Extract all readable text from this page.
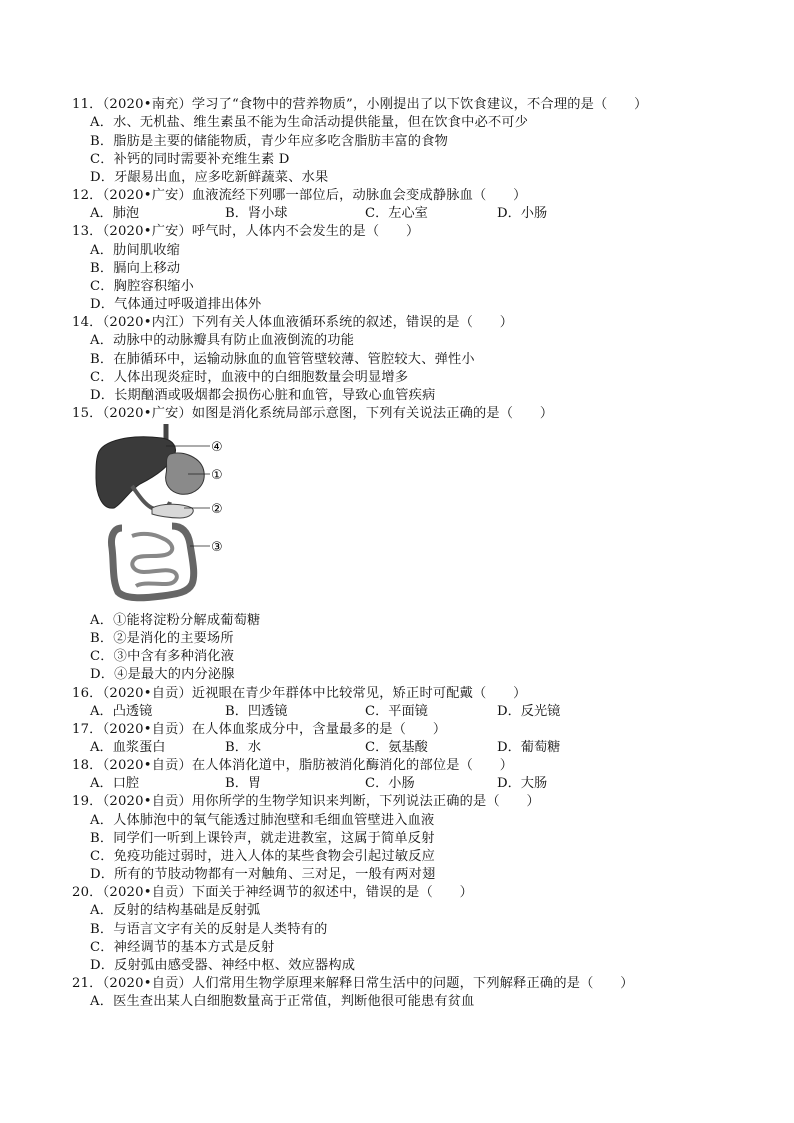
11．（2020•南充）学习了“食物中的营养物质”，小刚提出了以下饮食建议，不合理的是（　　）
A．水、无机盐、维生素虽不能为生命活动提供能量，但在饮食中必不可少
B．脂肪是主要的储能物质，青少年应多吃含脂肪丰富的食物
C．补钙的同时需要补充维生素 D
D．牙龈易出血，应多吃新鲜蔬菜、水果
12．（2020•广安）血液流经下列哪一部位后，动脉血会变成静脉血（　　）
A．肺泡	B．肾小球	C．左心室	D．小肠
13．（2020•广安）呼气时，人体内不会发生的是（　　）
A．肋间肌收缩
B．膈向上移动
C．胸腔容积缩小
D．气体通过呼吸道排出体外
14．（2020•内江）下列有关人体血液循环系统的叙述，错误的是（　　）
A．动脉中的动脉瓣具有防止血液倒流的功能
B．在肺循环中，运输动脉血的血管管壁较薄、管腔较大、弹性小
C．人体出现炎症时，血液中的白细胞数量会明显增多
D．长期酗酒或吸烟都会损伤心脏和血管，导致心血管疾病
15．（2020•广安）如图是消化系统局部示意图，下列有关说法正确的是（　　）
④
①
②
③
A．①能将淀粉分解成葡萄糖
B．②是消化的主要场所
C．③中含有多种消化液
D．④是最大的内分泌腺
16．（2020•自贡）近视眼在青少年群体中比较常见，矫正时可配戴（　　）
A．凸透镜	B．凹透镜	C．平面镜	D．反光镜
17．（2020•自贡）在人体血浆成分中，含量最多的是（　　）
A．血浆蛋白	B．水	C．氨基酸	D．葡萄糖
18．（2020•自贡）在人体消化道中，脂肪被消化酶消化的部位是（　　）
A．口腔	B．胃	C．小肠	D．大肠
19．（2020•自贡）用你所学的生物学知识来判断，下列说法正确的是（　　）
A．人体肺泡中的氧气能透过肺泡壁和毛细血管壁进入血液
B．同学们一听到上课铃声，就走进教室，这属于简单反射
C．免疫功能过弱时，进入人体的某些食物会引起过敏反应
D．所有的节肢动物都有一对触角、三对足，一般有两对翅
20．（2020•自贡）下面关于神经调节的叙述中，错误的是（　　）
A．反射的结构基础是反射弧
B．与语言文字有关的反射是人类特有的
C．神经调节的基本方式是反射
D．反射弧由感受器、神经中枢、效应器构成
21．（2020•自贡）人们常用生物学原理来解释日常生活中的问题，下列解释正确的是（　　）
A．医生查出某人白细胞数量高于正常值，判断他很可能患有贫血
